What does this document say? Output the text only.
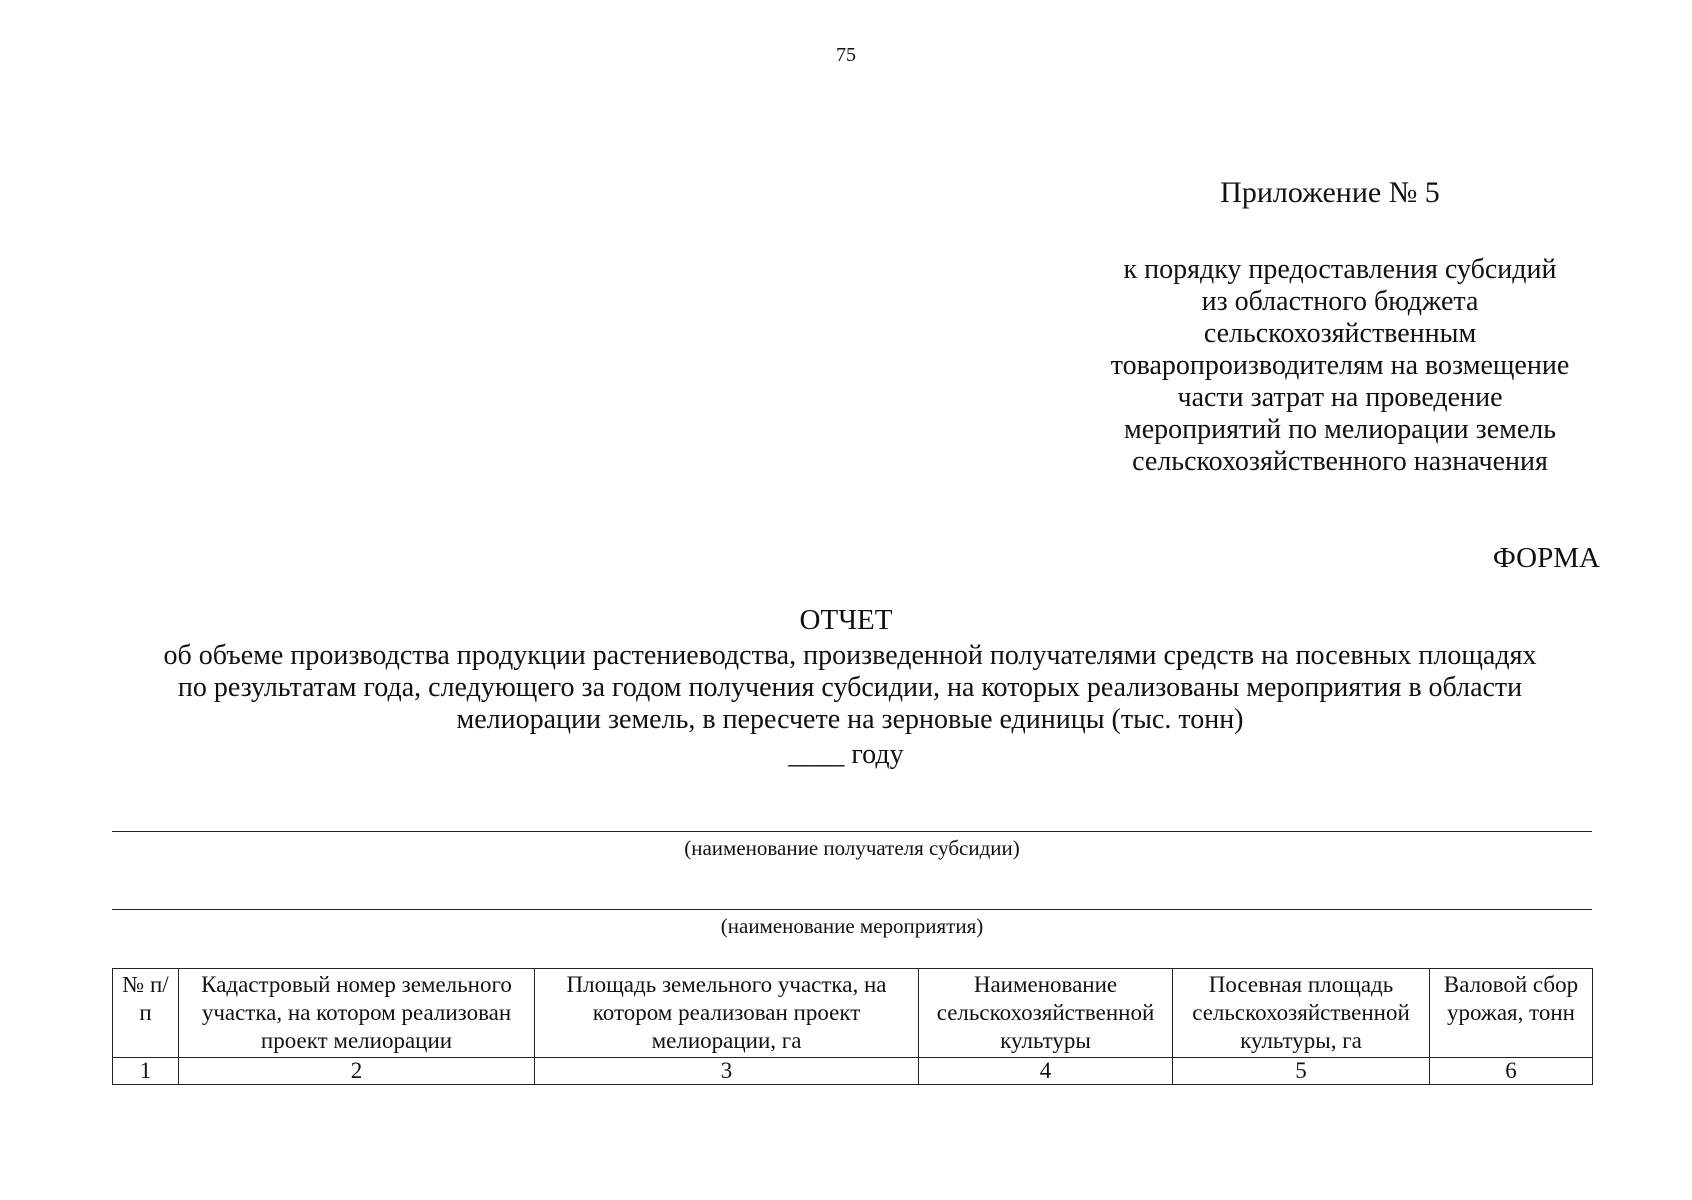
75
Приложение № 5
к порядку предоставления субсидий
из областного бюджета
сельскохозяйственным
товаропроизводителям на возмещение
части затрат на проведение
мероприятий по мелиорации земель
сельскохозяйственного назначения
ФОРМА
ОТЧЕТ
об объеме производства продукции растениеводства, произведенной получателями средств на посевных площадях
по результатам года, следующего за годом получения субсидии, на которых реализованы мероприятия в области
мелиорации земель, в пересчете на зерновые единицы (тыс. тонн)
____ году
(наименование получателя субсидии)
(наименование мероприятия)
№ п/п	Кадастровый номер земельного участка, на котором реализован проект мелиорации	Площадь земельного участка, на котором реализован проект мелиорации, га	Наименование сельскохозяйственной культуры	Посевная площадь сельскохозяйственной культуры, га	Валовой сбор урожая, тонн
1	2	3	4	5	6
